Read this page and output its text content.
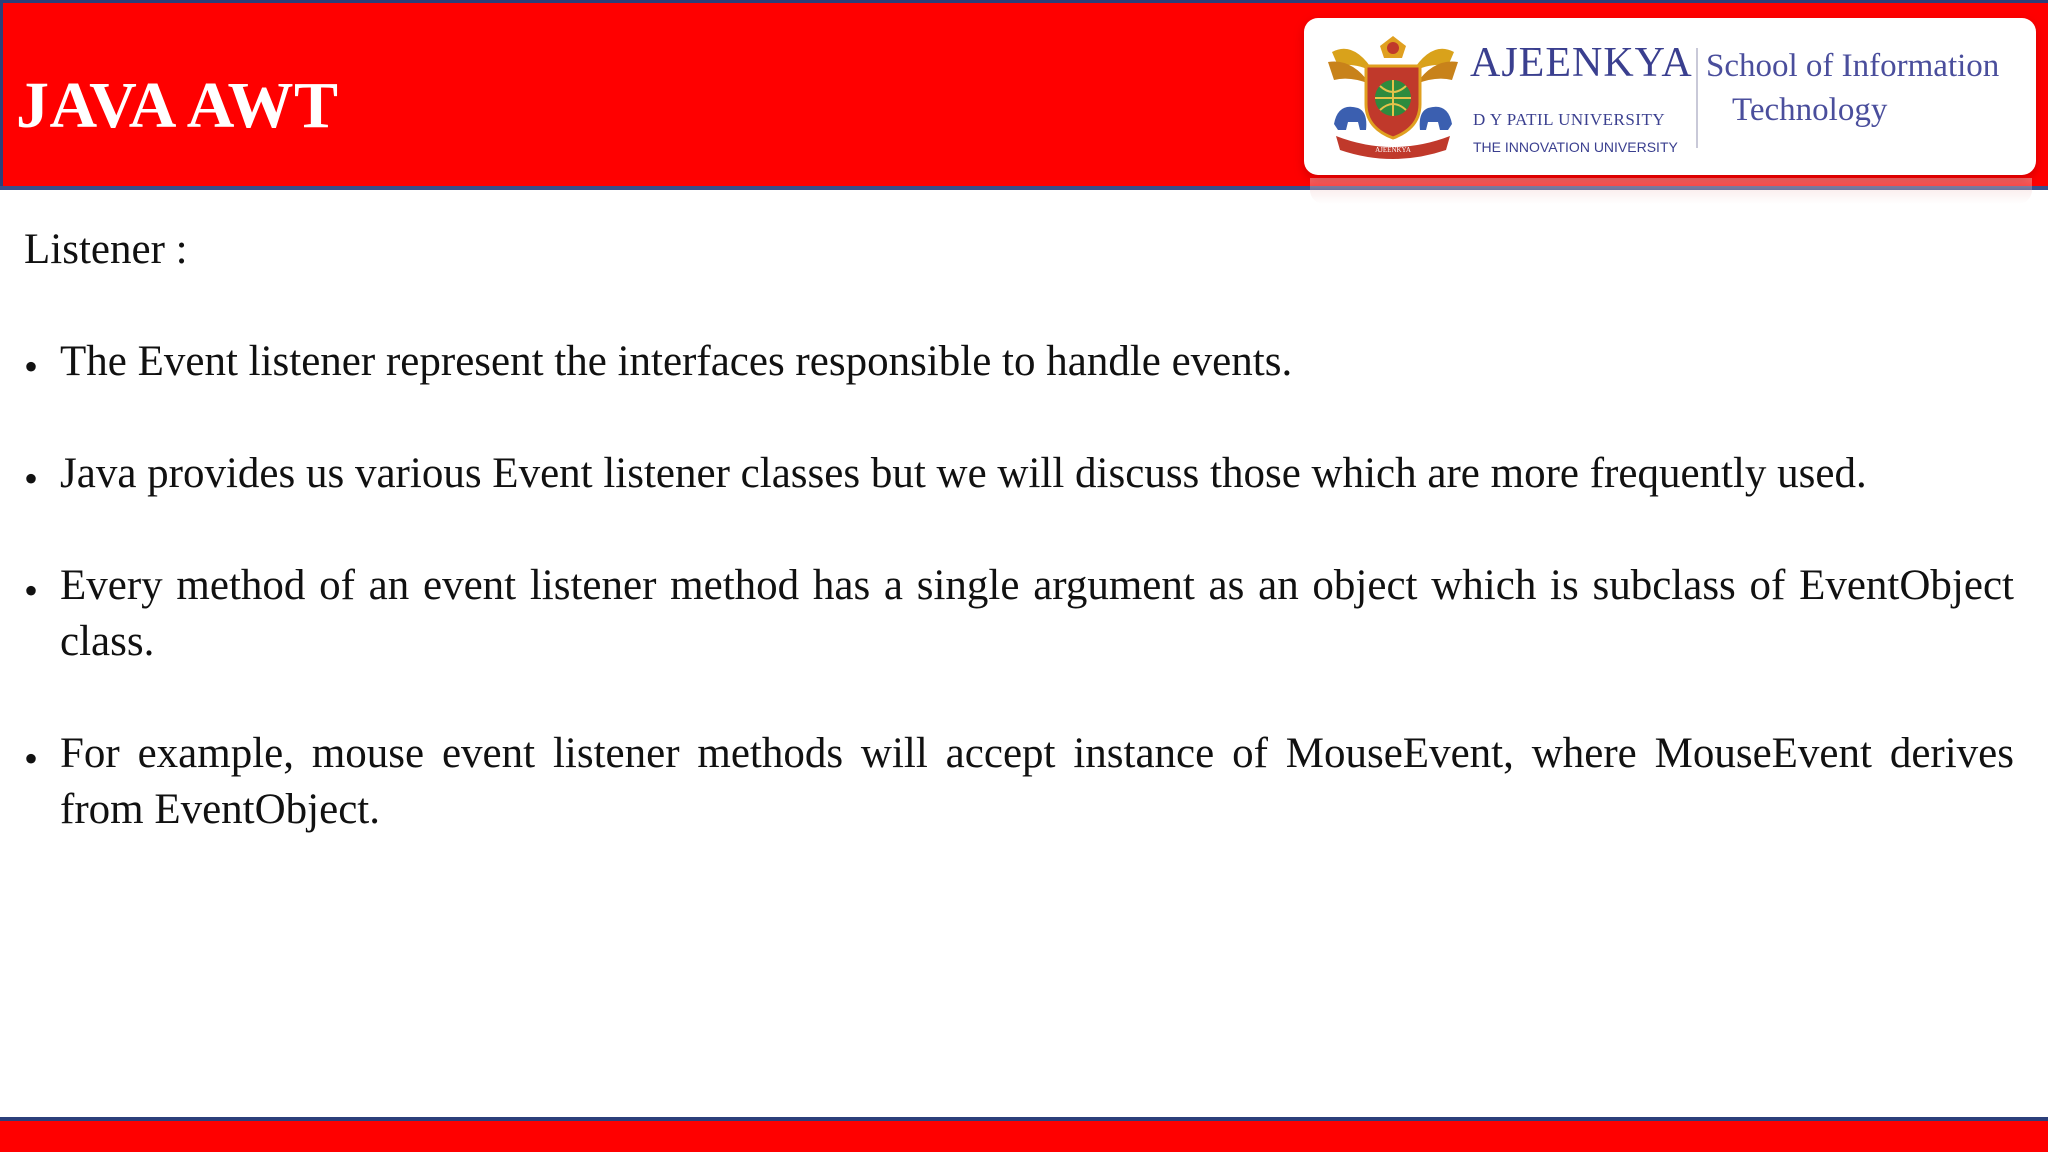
JAVA AWT
AJEENKYA
AJEENKYA
D Y PATIL UNIVERSITY
THE INNOVATION UNIVERSITY
School of Information
Technology
Listener :
• The Event listener represent the interfaces responsible to handle events.
• Java provides us various Event listener classes but we will discuss those which are more frequently used.
• Every method of an event listener method has a single argument as an object which is subclass of EventObject class.
• For example, mouse event listener methods will accept instance of MouseEvent, where MouseEvent derives from EventObject.
